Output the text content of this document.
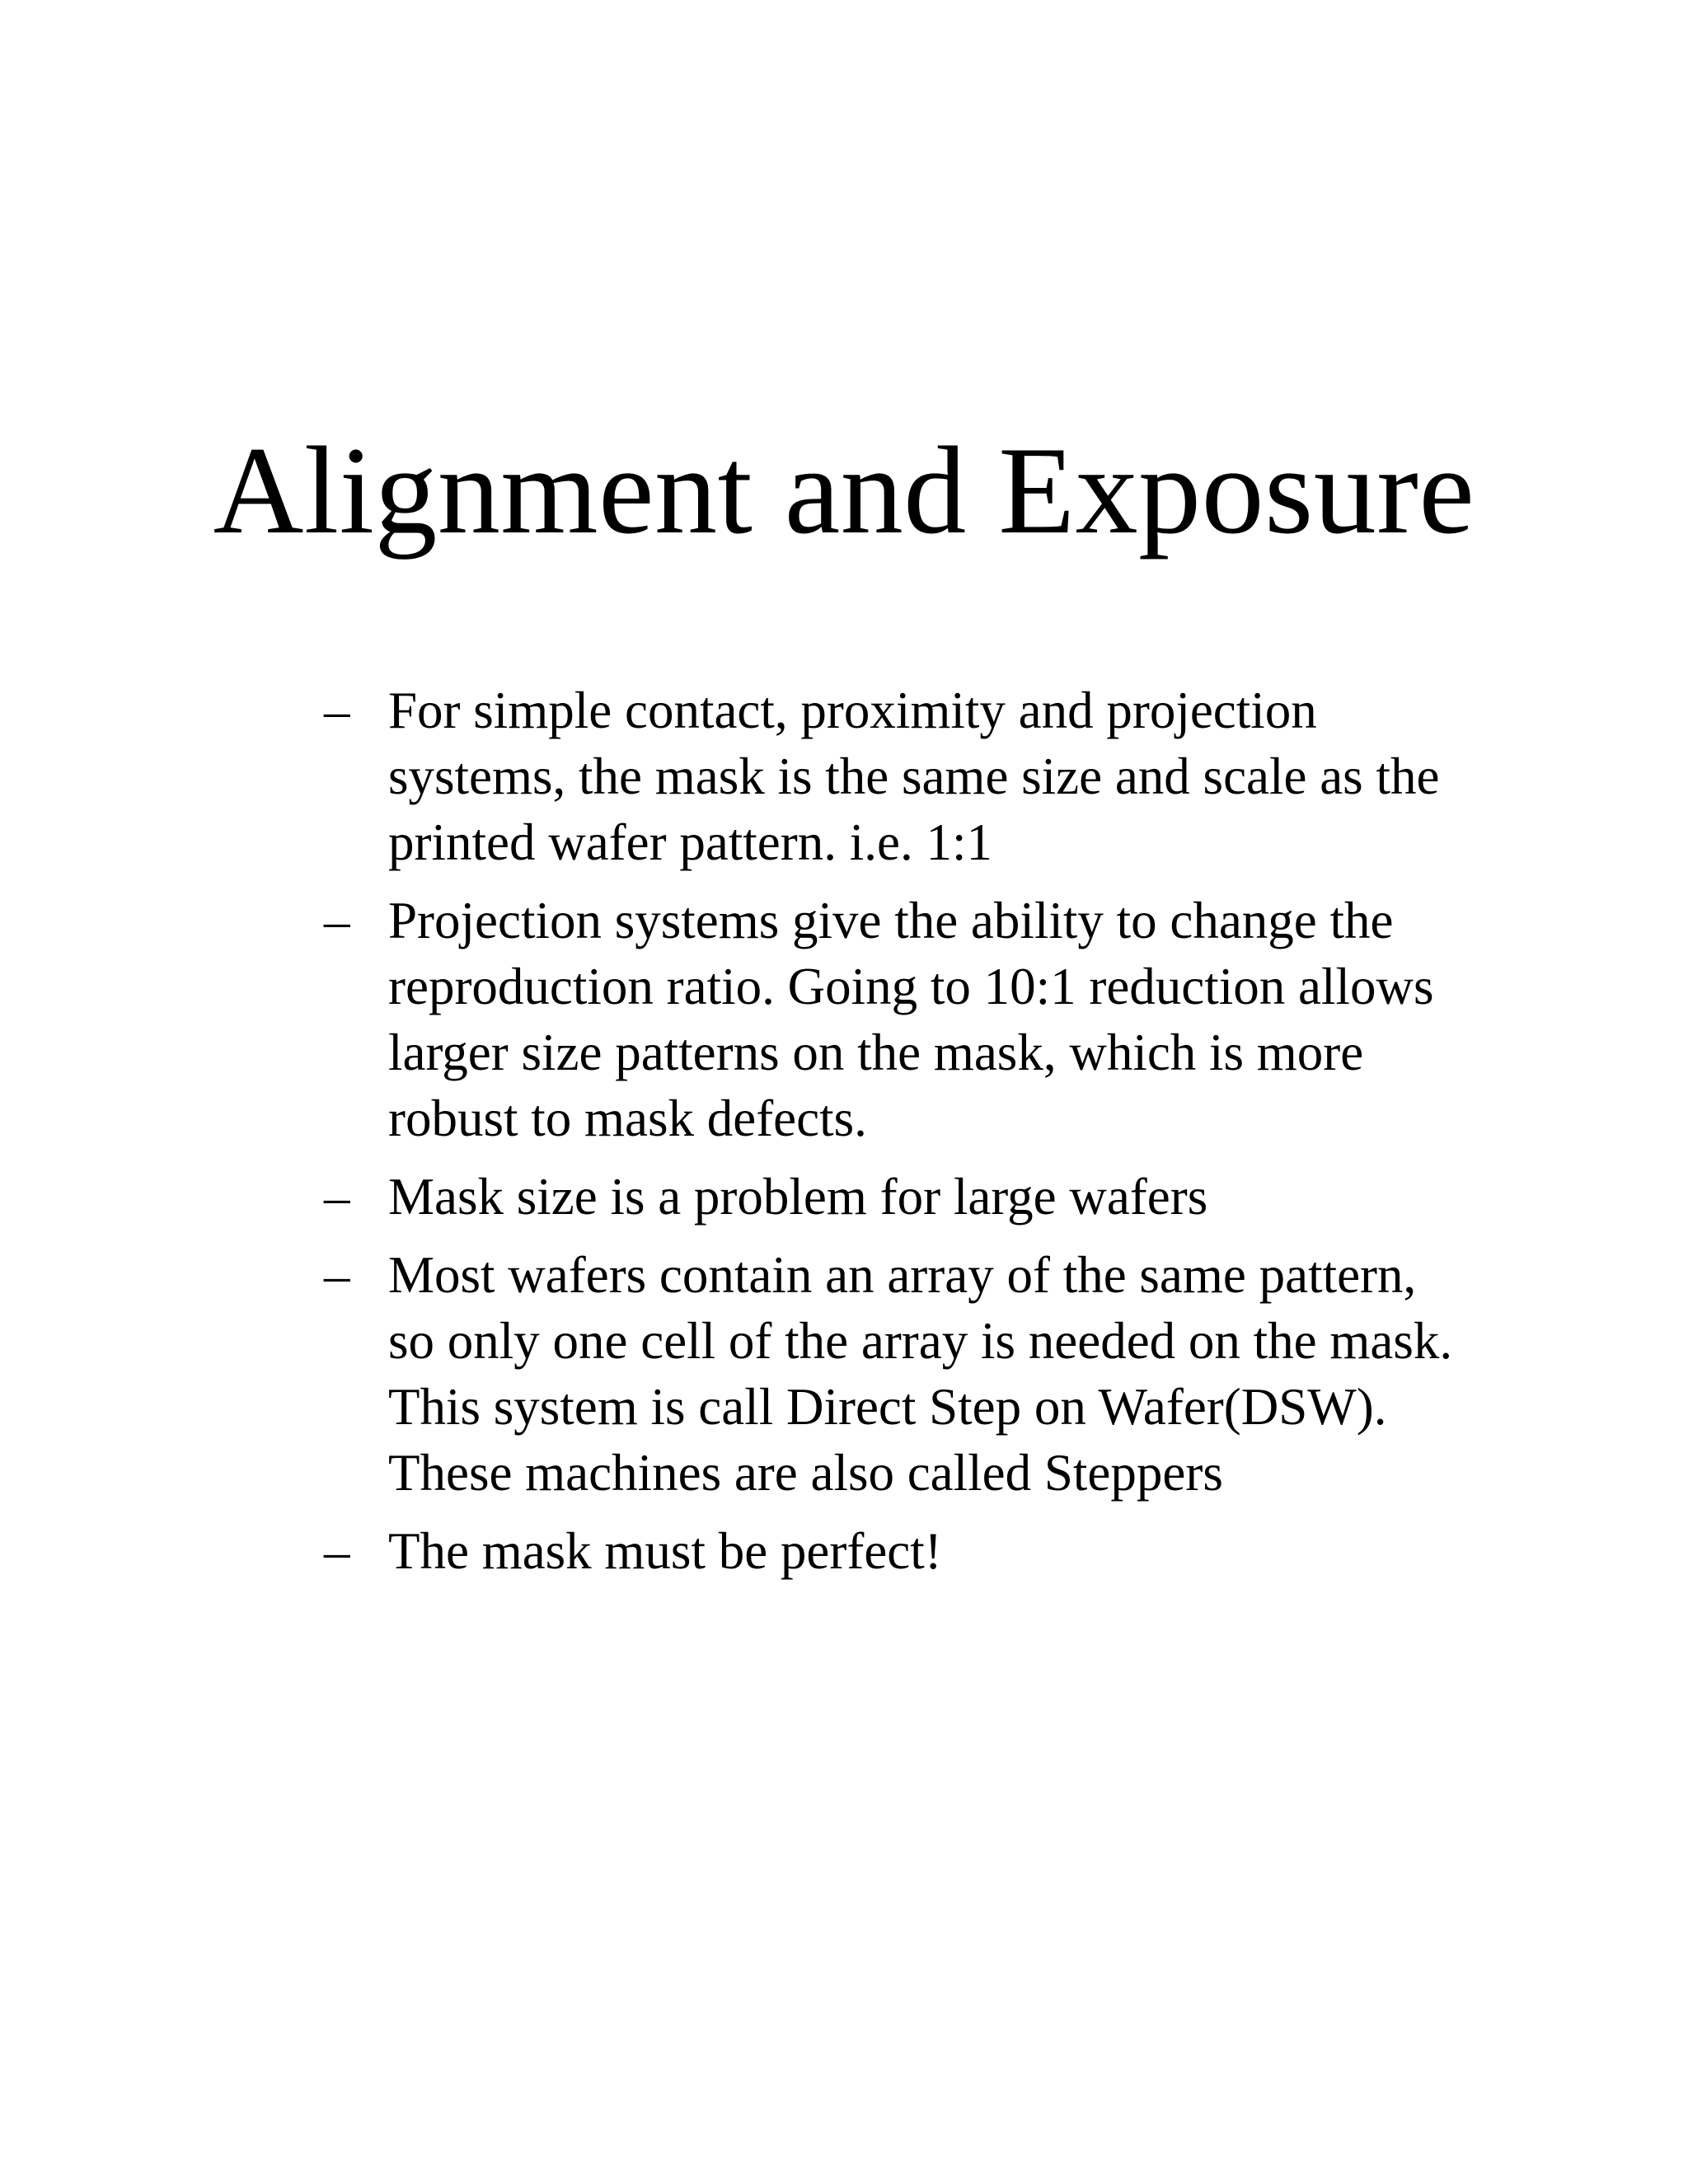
Alignment and Exposure
– For simple contact, proximity and projection systems, the mask is the same size and scale as the printed wafer pattern. i.e. 1:1
– Projection systems give the ability to change the reproduction ratio. Going to 10:1 reduction allows larger size patterns on the mask, which is more robust to mask defects.
– Mask size is a problem for large wafers
– Most wafers contain an array of the same pattern, so only one cell of the array is needed on the mask. This system is call Direct Step on Wafer(DSW). These machines are also called Steppers
– The mask must be perfect!
